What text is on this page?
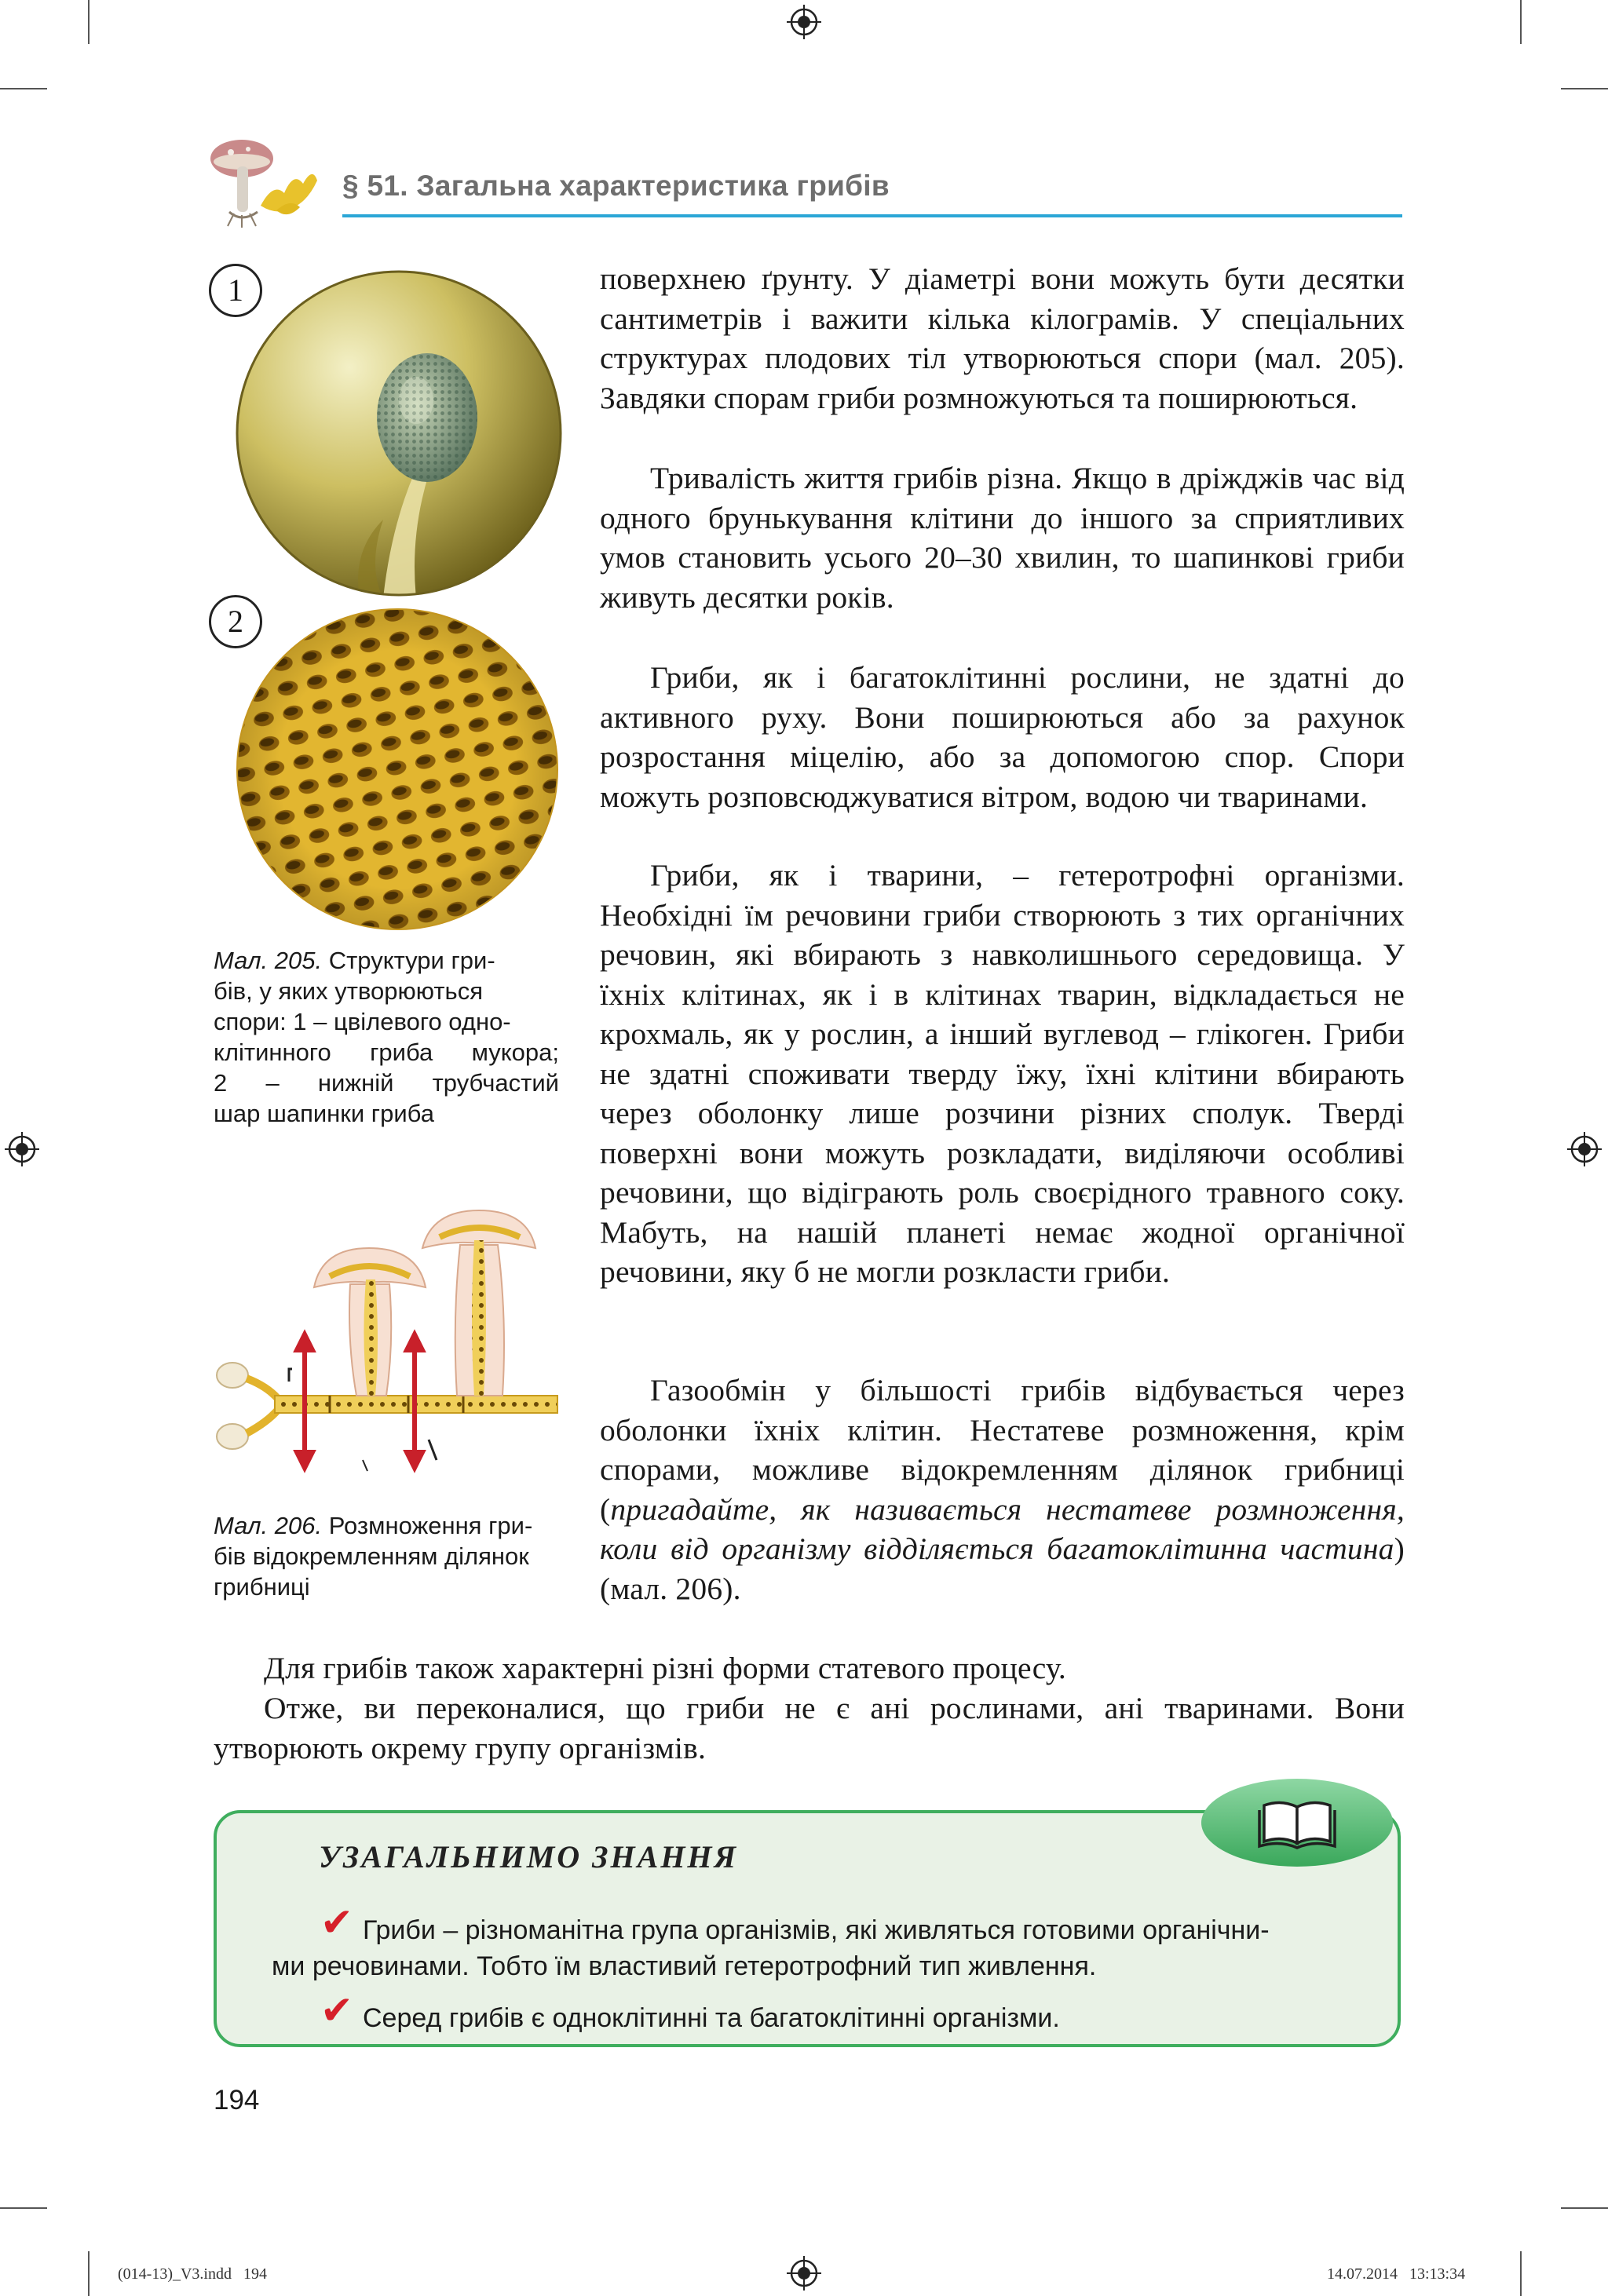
§ 51. Загальна характеристика грибів
1
2
Мал. 205. Структури гри-
бів, у яких утворюються
спори: 1 – цвілевого одно-
клітинного гриба мукора;
2 – нижній трубчастий
шар шапинки гриба
Мал. 206. Розмноження гри-
бів відокремленням ділянок
грибниці
поверхнею ґрунту. У діаметрі вони можуть бути десятки сантиметрів і важити кілька кілограмів. У спеціальних структурах плодових тіл утворюються спори (мал. 205). Завдяки спорам гриби розмножуються та поширюються.
Тривалість життя грибів різна. Якщо в дріжджів час від одного брунькування клітини до іншого за сприятливих умов становить усього 20–30 хвилин, то шапинкові гриби живуть десятки років.
Гриби, як і багатоклітинні рослини, не здатні до активного руху. Вони поширюються або за рахунок розростання міцелію, або за допомогою спор. Спори можуть розповсюджуватися вітром, водою чи тваринами.
Гриби, як і тварини, – гетеротрофні організми. Необхідні їм речовини гриби створюють з тих органічних речовин, які вбирають з навколишнього середовища. У їхніх клітинах, як і в клітинах тварин, відкладається не крохмаль, як у рослин, а інший вуглевод – глікоген. Гриби не здатні споживати тверду їжу, їхні клітини вбирають через оболонку лише розчини різних сполук. Тверді поверхні вони можуть розкладати, виділяючи особливі речовини, що відіграють роль своєрідного травного соку. Мабуть, на нашій планеті немає жодної органічної речовини, яку б не могли розкласти гриби.
Газообмін у більшості грибів відбувається через оболонки їхніх клітин. Нестатеве розмноження, крім спорами, можливе відокремленням ділянок грибниці (пригадайте, як називається нестатеве розмноження, коли від організму відділяється багатоклітинна частина) (мал. 206).
Для грибів також характерні різні форми статевого процесу.
Отже, ви переконалися, що гриби не є ані рослинами, ані тваринами. Вони утворюють окрему групу організмів.
УЗАГАЛЬНИМО ЗНАННЯ
✔ Гриби – різноманітна група організмів, які живляться готовими органічни-
ми речовинами. Тобто їм властивий гетеротрофний тип живлення.
✔ Серед грибів є одноклітинні та багатоклітинні організми.
194
(014-13)_V3.indd   194	14.07.2014   13:13:34
